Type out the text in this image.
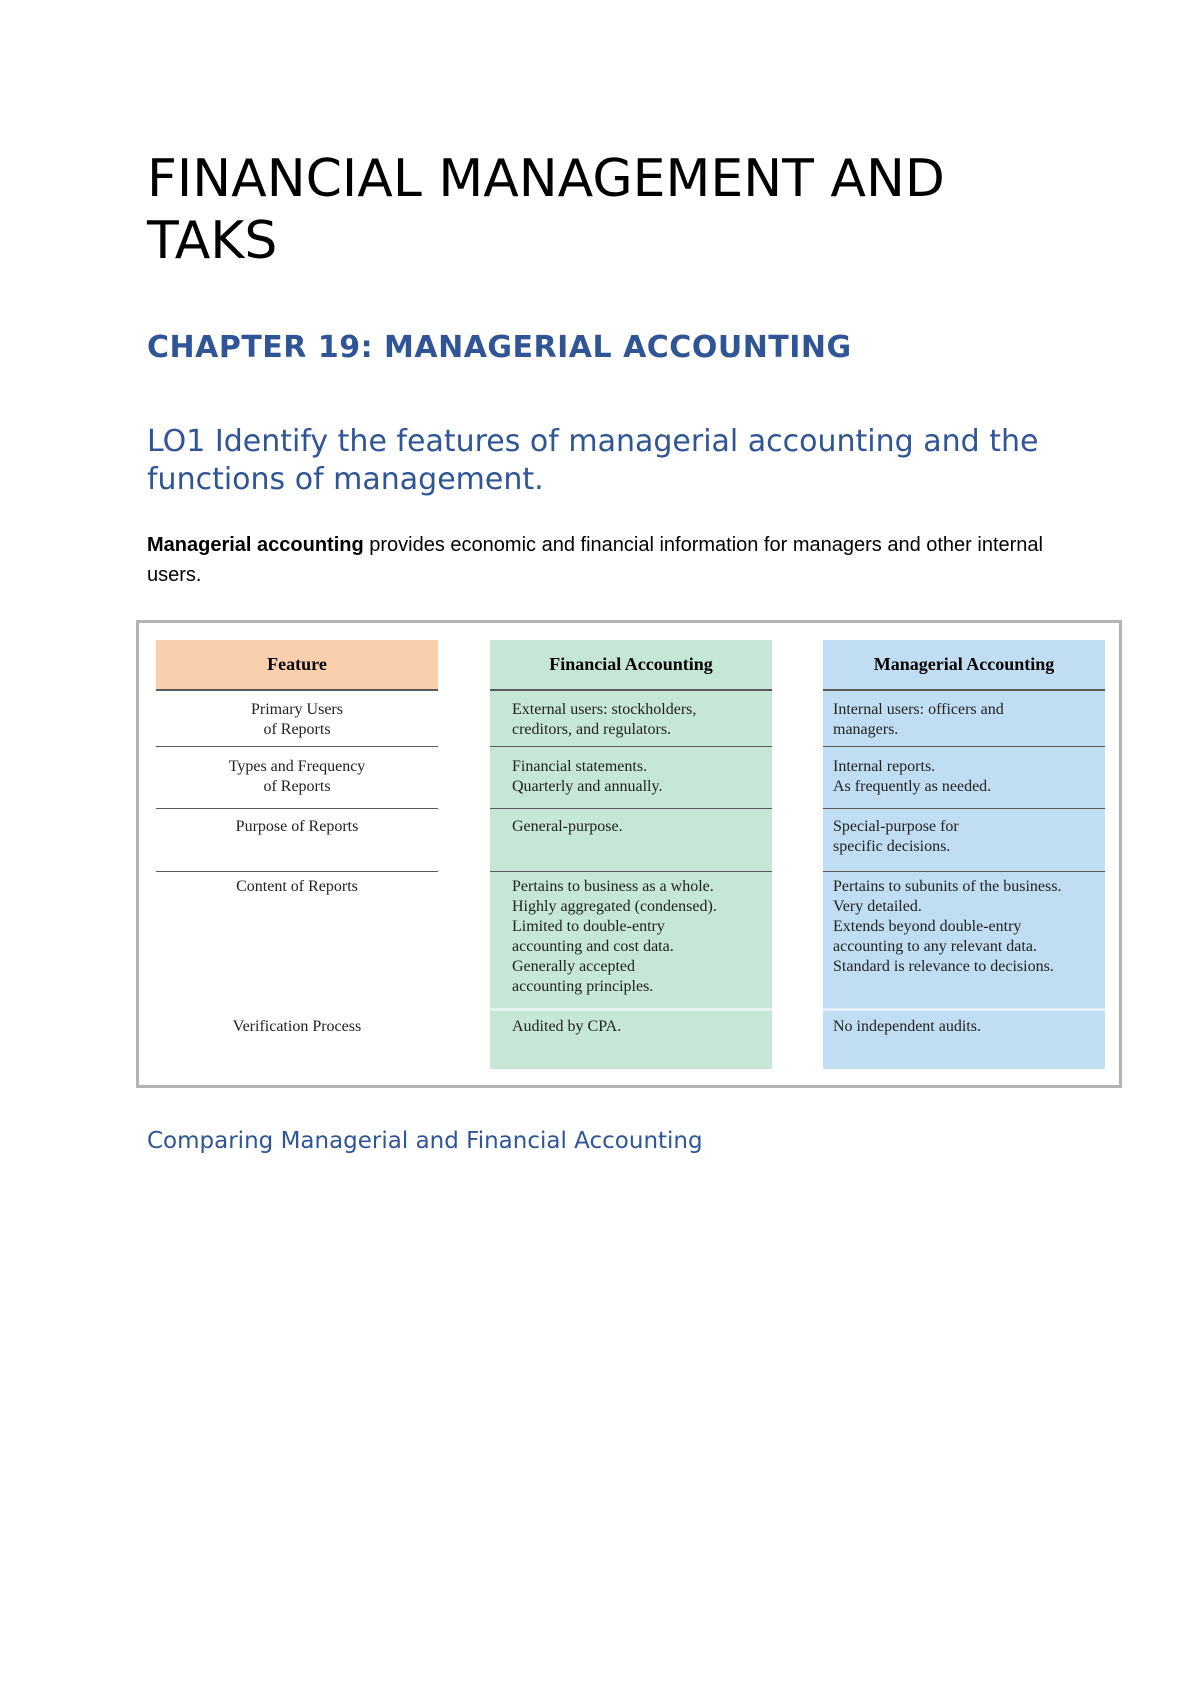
FINANCIAL MANAGEMENT AND TAKS
CHAPTER 19: MANAGERIAL ACCOUNTING
LO1 Identify the features of managerial accounting and the functions of management.

Managerial accounting provides economic and financial information for managers and other internal users.

Feature
Primary Users
of Reports
Types and Frequency
of Reports
Purpose of Reports
Content of Reports
Verification Process
Financial Accounting
External users: stockholders,
creditors, and regulators.
Financial statements.
Quarterly and annually.
General-purpose.
Pertains to business as a whole.
Highly aggregated (condensed).
Limited to double-entry
accounting and cost data.
Generally accepted
accounting principles.
Audited by CPA.
Managerial Accounting
Internal users: officers and
managers.
Internal reports.
As frequently as needed.
Special-purpose for
specific decisions.
Pertains to subunits of the business.
Very detailed.
Extends beyond double-entry
accounting to any relevant data.
Standard is relevance to decisions.
No independent audits.

Comparing Managerial and Financial Accounting
